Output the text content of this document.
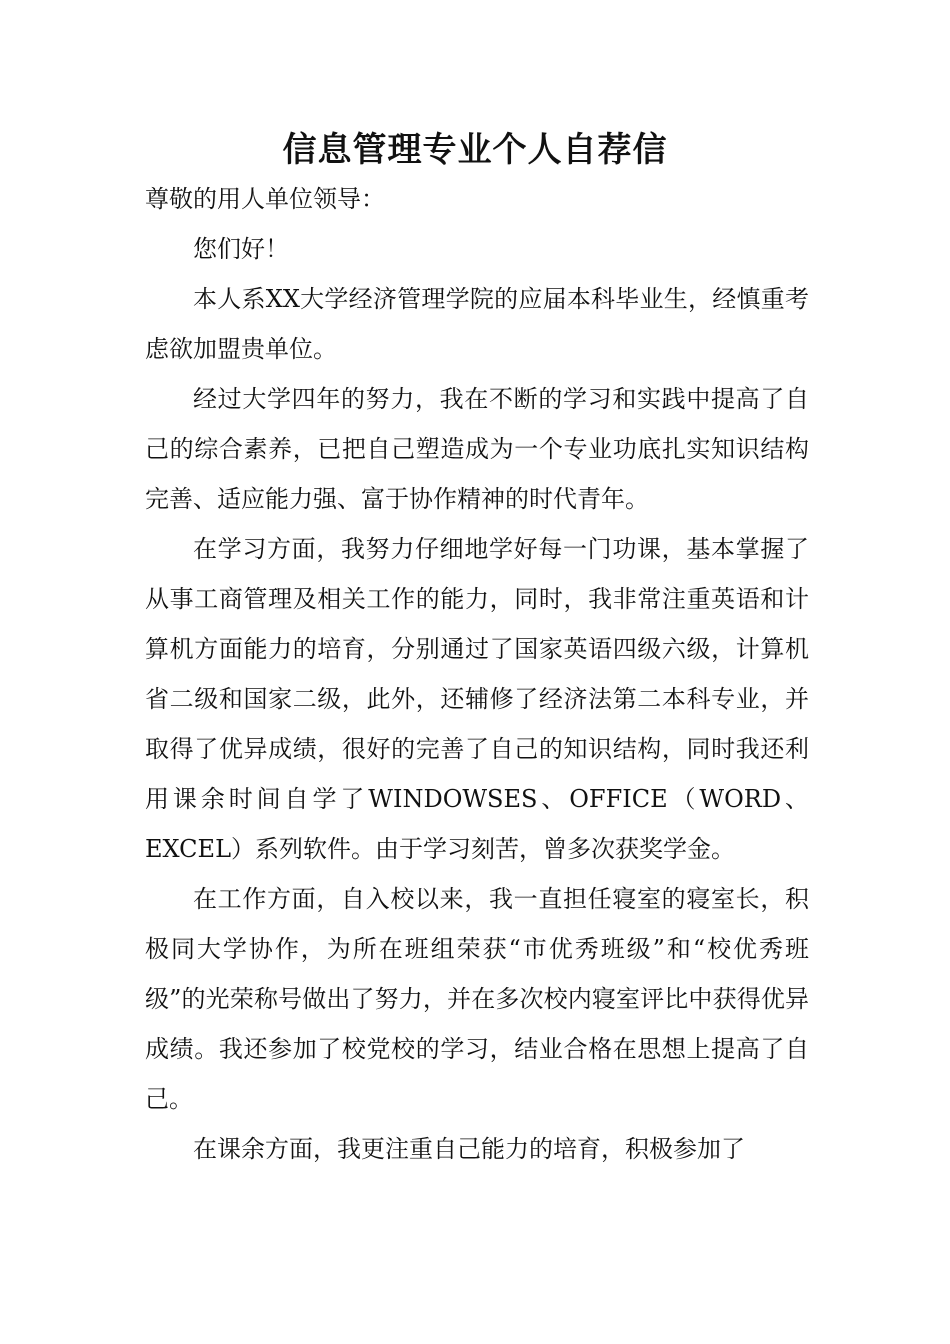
信息管理专业个人自荐信

尊敬的用人单位领导：

您们好！

本人系XX大学经济管理学院的应届本科毕业生，经慎重考虑欲加盟贵单位。

经过大学四年的努力，我在不断的学习和实践中提高了自己的综合素养，已把自己塑造成为一个专业功底扎实知识结构完善、适应能力强、富于协作精神的时代青年。

在学习方面，我努力仔细地学好每一门功课，基本掌握了从事工商管理及相关工作的能力，同时，我非常注重英语和计算机方面能力的培育，分别通过了国家英语四级六级，计算机省二级和国家二级，此外，还辅修了经济法第二本科专业，并取得了优异成绩，很好的完善了自己的知识结构，同时我还利用课余时间自学了WINDOWSES、OFFICE（WORD、EXCEL）系列软件。由于学习刻苦，曾多次获奖学金。

在工作方面，自入校以来，我一直担任寝室的寝室长，积极同大学协作，为所在班组荣获“市优秀班级”和“校优秀班级”的光荣称号做出了努力，并在多次校内寝室评比中获得优异成绩。我还参加了校党校的学习，结业合格在思想上提高了自己。

在课余方面，我更注重自己能力的培育，积极参加了
